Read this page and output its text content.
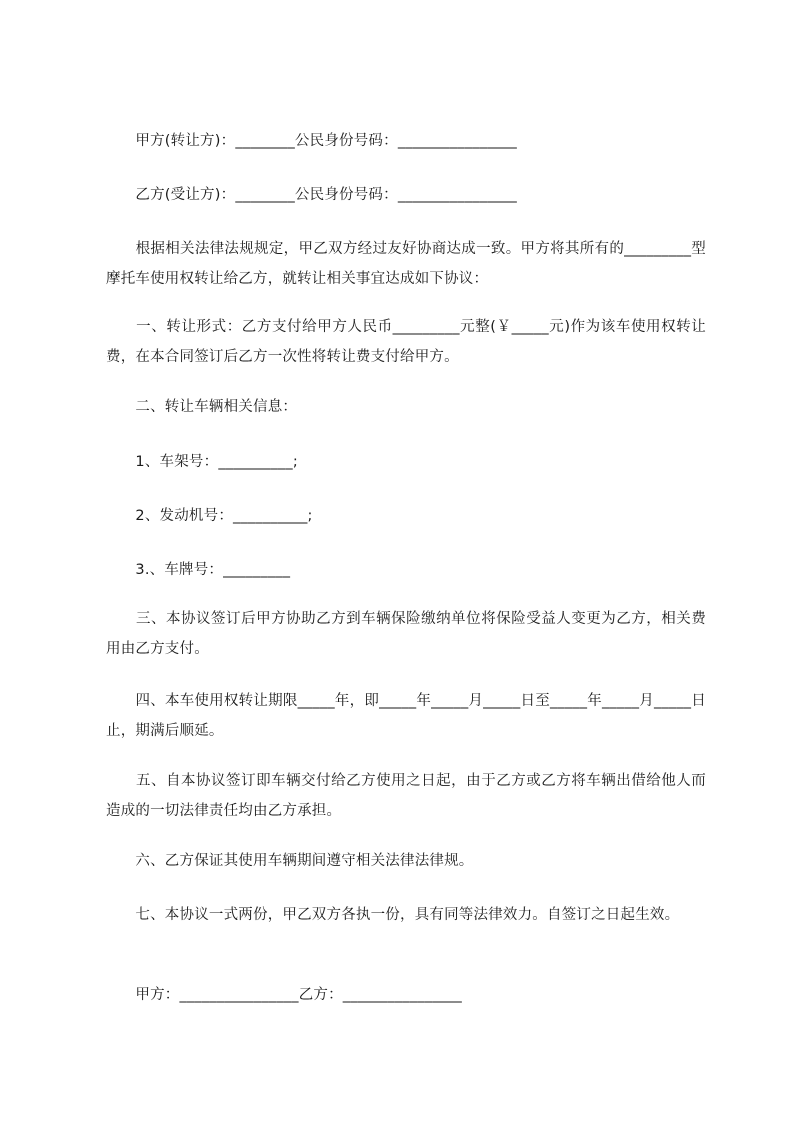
　　甲方(转让方)：________公民身份号码：________________

　　乙方(受让方)：________公民身份号码：________________

　　根据相关法律法规规定，甲乙双方经过友好协商达成一致。甲方将其所有的_________型摩托车使用权转让给乙方，就转让相关事宜达成如下协议：

　　一、转让形式：乙方支付给甲方人民币_________元整(￥_____元)作为该车使用权转让费，在本合同签订后乙方一次性将转让费支付给甲方。

　　二、转让车辆相关信息：

　　1、车架号：__________;

　　2、发动机号：__________;

　　3.、车牌号：_________

　　三、本协议签订后甲方协助乙方到车辆保险缴纳单位将保险受益人变更为乙方，相关费用由乙方支付。

　　四、本车使用权转让期限_____年，即_____年_____月_____日至_____年_____月_____日止，期满后顺延。

　　五、自本协议签订即车辆交付给乙方使用之日起，由于乙方或乙方将车辆出借给他人而造成的一切法律责任均由乙方承担。

　　六、乙方保证其使用车辆期间遵守相关法律法律规。

　　七、本协议一式两份，甲乙双方各执一份，具有同等法律效力。自签订之日起生效。

　　甲方：________________乙方：________________
